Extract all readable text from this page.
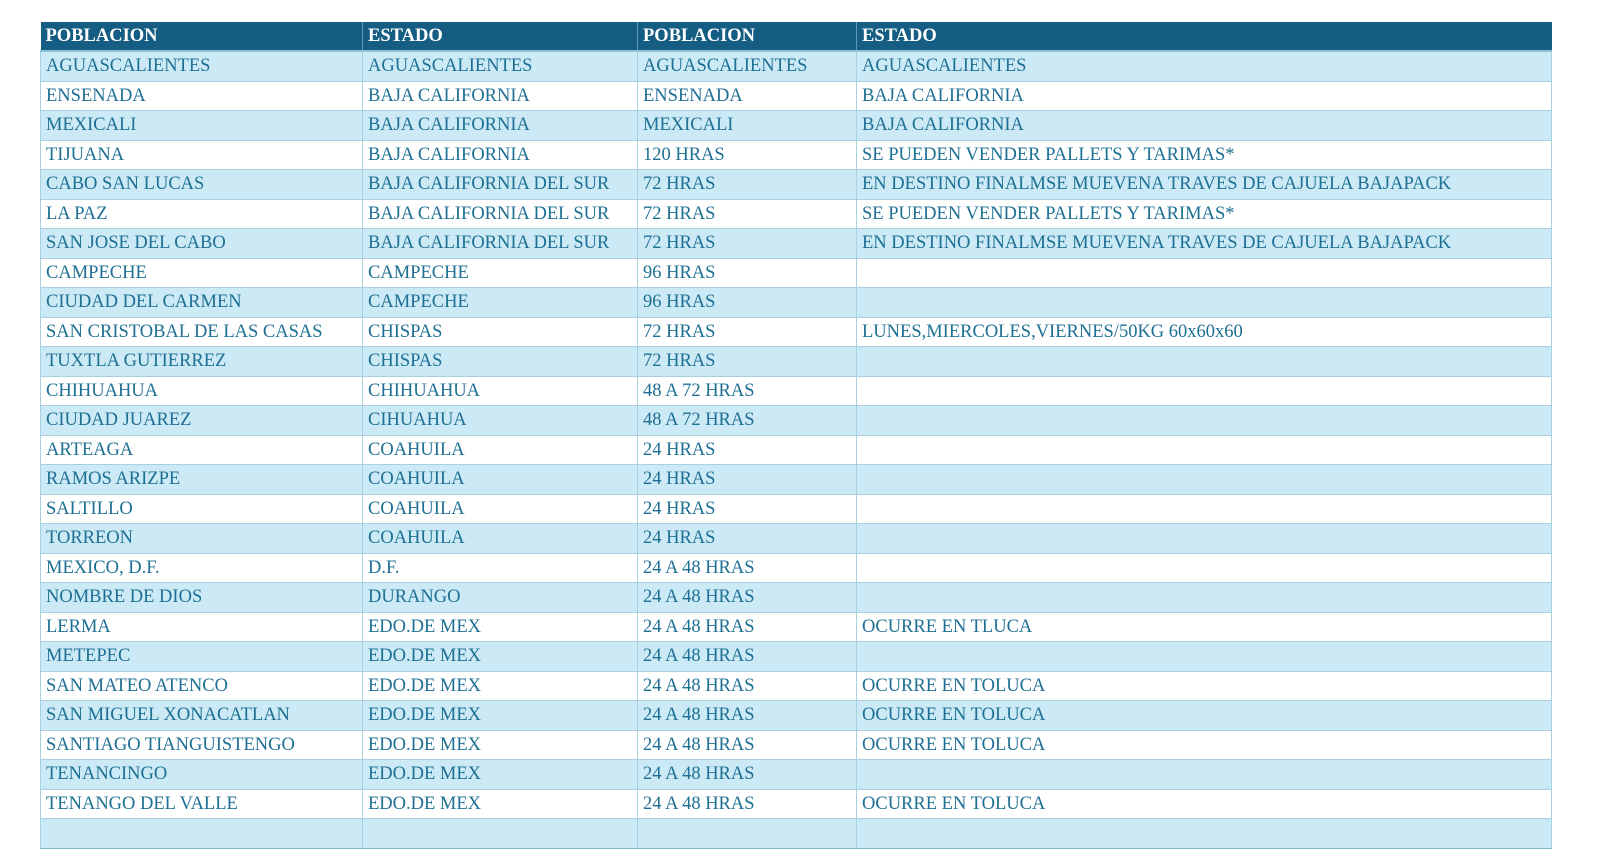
POBLACION	ESTADO	POBLACION	ESTADO
AGUASCALIENTES	AGUASCALIENTES	AGUASCALIENTES	AGUASCALIENTES
ENSENADA	BAJA CALIFORNIA	ENSENADA	BAJA CALIFORNIA
MEXICALI	BAJA CALIFORNIA	MEXICALI	BAJA CALIFORNIA
TIJUANA	BAJA CALIFORNIA	120 HRAS	SE PUEDEN VENDER PALLETS Y TARIMAS*
CABO SAN LUCAS	BAJA CALIFORNIA DEL SUR	72 HRAS	EN DESTINO FINALMSE MUEVENA TRAVES DE CAJUELA BAJAPACK
LA PAZ	BAJA CALIFORNIA DEL SUR	72 HRAS	SE PUEDEN VENDER PALLETS Y TARIMAS*
SAN JOSE DEL CABO	BAJA CALIFORNIA DEL SUR	72 HRAS	EN DESTINO FINALMSE MUEVENA TRAVES DE CAJUELA BAJAPACK
CAMPECHE	CAMPECHE	96 HRAS	
CIUDAD DEL CARMEN	CAMPECHE	96 HRAS	
SAN CRISTOBAL DE LAS CASAS	CHISPAS	72 HRAS	LUNES,MIERCOLES,VIERNES/50KG 60x60x60
TUXTLA GUTIERREZ	CHISPAS	72 HRAS	
CHIHUAHUA	CHIHUAHUA	48 A 72 HRAS	
CIUDAD JUAREZ	CIHUAHUA	48 A 72 HRAS	
ARTEAGA	COAHUILA	24 HRAS	
RAMOS ARIZPE	COAHUILA	24 HRAS	
SALTILLO	COAHUILA	24 HRAS	
TORREON	COAHUILA	24 HRAS	
MEXICO, D.F.	D.F.	24 A 48 HRAS	
NOMBRE DE DIOS	DURANGO	24 A 48 HRAS	
LERMA	EDO.DE MEX	24 A 48 HRAS	OCURRE EN TLUCA
METEPEC	EDO.DE MEX	24 A 48 HRAS	
SAN MATEO ATENCO	EDO.DE MEX	24 A 48 HRAS	OCURRE EN TOLUCA
SAN MIGUEL XONACATLAN	EDO.DE MEX	24 A 48 HRAS	OCURRE EN TOLUCA
SANTIAGO TIANGUISTENGO	EDO.DE MEX	24 A 48 HRAS	OCURRE EN TOLUCA
TENANCINGO	EDO.DE MEX	24 A 48 HRAS	
TENANGO DEL VALLE	EDO.DE MEX	24 A 48 HRAS	OCURRE EN TOLUCA
